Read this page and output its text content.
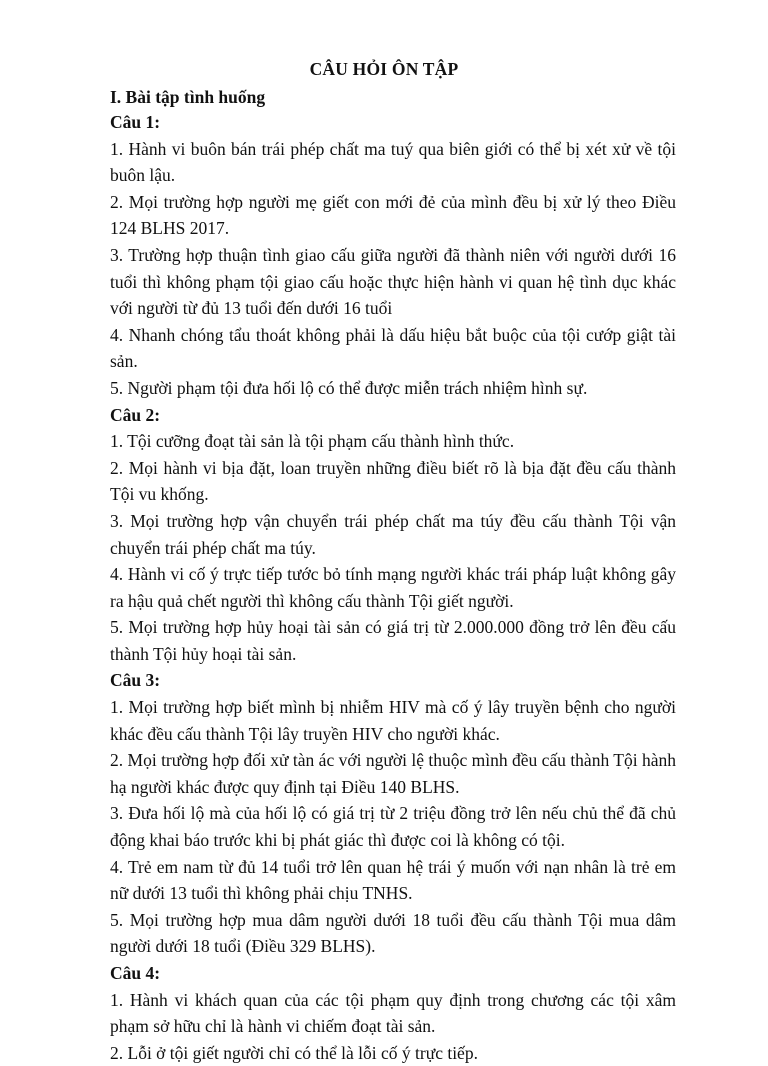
CÂU HỎI ÔN TẬP
I. Bài tập tình huống

Câu 1:

1. Hành vi buôn bán trái phép chất ma tuý qua biên giới có thể bị xét xử về tội buôn lậu.

2. Mọi trường hợp người mẹ giết con mới đẻ của mình đều bị xử lý theo Điều 124 BLHS 2017.

3. Trường hợp thuận tình giao cấu giữa người đã thành niên với người dưới 16 tuổi thì không phạm tội giao cấu hoặc thực hiện hành vi quan hệ tình dục khác với người từ đủ 13 tuổi đến dưới 16 tuổi

4. Nhanh chóng tẩu thoát không phải là dấu hiệu bắt buộc của tội cướp giật tài sản.

5. Người phạm tội đưa hối lộ có thể được miễn trách nhiệm hình sự.

Câu 2:

1. Tội cưỡng đoạt tài sản là tội phạm cấu thành hình thức.

2. Mọi hành vi bịa đặt, loan truyền những điều biết rõ là bịa đặt đều cấu thành Tội vu khống.

3. Mọi trường hợp vận chuyển trái phép chất ma túy đều cấu thành Tội vận chuyển trái phép chất ma túy.

4. Hành vi cố ý trực tiếp tước bỏ tính mạng người khác trái pháp luật không gây ra hậu quả chết người thì không cấu thành Tội giết người.

5. Mọi trường hợp hủy hoại tài sản có giá trị từ 2.000.000 đồng trở lên đều cấu thành Tội hủy hoại tài sản.

Câu 3:

1. Mọi trường hợp biết mình bị nhiễm HIV mà cố ý lây truyền bệnh cho người khác đều cấu thành Tội lây truyền HIV cho người khác.

2. Mọi trường hợp đối xử tàn ác với người lệ thuộc mình đều cấu thành Tội hành hạ người khác được quy định tại Điều 140 BLHS.

3. Đưa hối lộ mà của hối lộ có giá trị từ 2 triệu đồng trở lên nếu chủ thể đã chủ động khai báo trước khi bị phát giác thì được coi là không có tội.

4. Trẻ em nam từ đủ 14 tuổi trở lên quan hệ trái ý muốn với nạn nhân là trẻ em nữ dưới 13 tuổi thì không phải chịu TNHS.

5. Mọi trường hợp mua dâm người dưới 18 tuổi đều cấu thành Tội mua dâm người dưới 18 tuổi (Điều 329 BLHS).

Câu 4:

1. Hành vi khách quan của các tội phạm quy định trong chương các tội xâm phạm sở hữu chỉ là hành vi chiếm đoạt tài sản.

2. Lỗi ở tội giết người chỉ có thể là lỗi cố ý trực tiếp.
